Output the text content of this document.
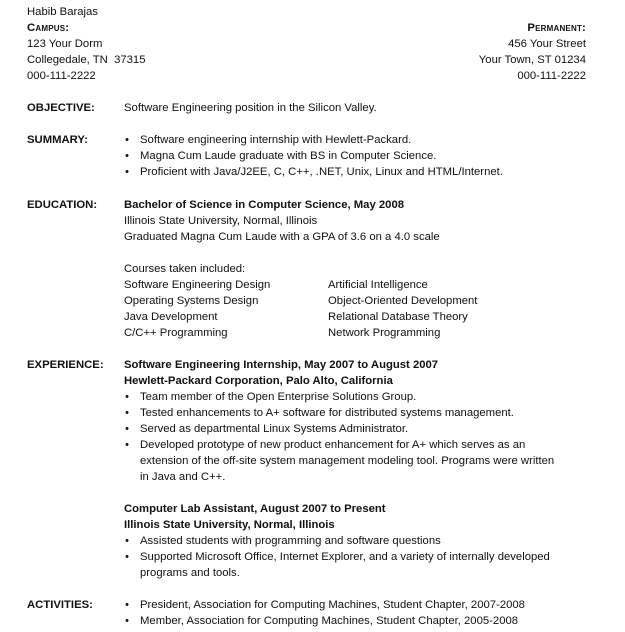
Habib Barajas
Campus:
123 Your Dorm
Collegedale, TN  37315
000-111-2222
Permanent:
456 Your Street
Your Town, ST 01234
000-111-2222
OBJECTIVE:	Software Engineering position in the Silicon Valley.
SUMMARY:	• Software engineering internship with Hewlett-Packard.
• Magna Cum Laude graduate with BS in Computer Science.
• Proficient with Java/J2EE, C, C++, .NET, Unix, Linux and HTML/Internet.
EDUCATION: Bachelor of Science in Computer Science, May 2008
Illinois State University, Normal, Illinois
Graduated Magna Cum Laude with a GPA of 3.6 on a 4.0 scale
Courses taken included:
Software Engineering Design	Artificial Intelligence
Operating Systems Design	Object-Oriented Development
Java Development	Relational Database Theory
C/C++ Programming	Network Programming
EXPERIENCE: Software Engineering Internship, May 2007 to August 2007
Hewlett-Packard Corporation, Palo Alto, California
• Team member of the Open Enterprise Solutions Group.
• Tested enhancements to A+ software for distributed systems management.
• Served as departmental Linux Systems Administrator.
• Developed prototype of new product enhancement for A+ which serves as an extension of the off-site system management modeling tool. Programs were written in Java and C++.
Computer Lab Assistant, August 2007 to Present
Illinois State University, Normal, Illinois
• Assisted students with programming and software questions
• Supported Microsoft Office, Internet Explorer, and a variety of internally developed programs and tools.
ACTIVITIES:	• President, Association for Computing Machines, Student Chapter, 2007-2008
• Member, Association for Computing Machines, Student Chapter, 2005-2008
